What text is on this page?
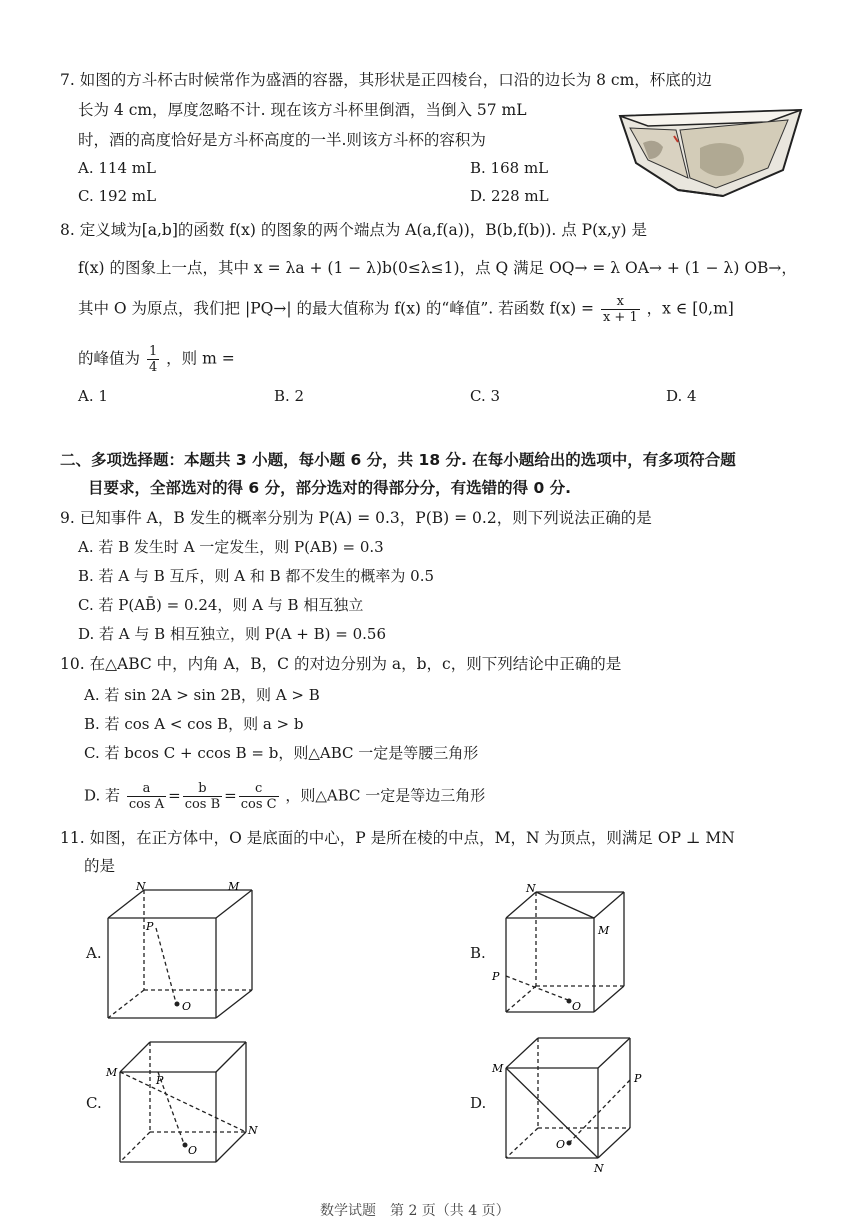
7. 如图的方斗杯古时候常作为盛酒的容器，其形状是正四棱台，口沿的边长为 8 cm，杯底的边
长为 4 cm，厚度忽略不计. 现在该方斗杯里倒酒，当倒入 57 mL
时，酒的高度恰好是方斗杯高度的一半.则该方斗杯的容积为
A. 114 mL	B. 168 mL
C. 192 mL	D. 228 mL
8. 定义域为[a,b]的函数 f(x) 的图象的两个端点为 A(a,f(a))，B(b,f(b)). 点 P(x,y) 是
f(x) 的图象上一点，其中 x = λa + (1 − λ)b(0≤λ≤1)，点 Q 满足 OQ→ = λ OA→ + (1 − λ) OB→，
其中 O 为原点，我们把 |PQ→| 的最大值称为 f(x) 的“峰值”. 若函数 $f(x) = \frac{x}{x + 1}$ ，x ∈ [0,m]
的峰值为 $\frac{1}{4}$ ，则 m =
A. 1	B. 2	C. 3	D. 4
二、多项选择题：本题共 3 小题，每小题 6 分，共 18 分. 在每小题给出的选项中，有多项符合题
目要求，全部选对的得 6 分，部分选对的得部分分，有选错的得 0 分.
9. 已知事件 A，B 发生的概率分别为 P(A) = 0.3，P(B) = 0.2，则下列说法正确的是
A. 若 B 发生时 A 一定发生，则 P(AB) = 0.3
B. 若 A 与 B 互斥，则 A 和 B 都不发生的概率为 0.5
C. 若 P(AB̄) = 0.24，则 A 与 B 相互独立
D. 若 A 与 B 相互独立，则 P(A + B) = 0.56
10. 在△ABC 中，内角 A，B，C 的对边分别为 a，b，c，则下列结论中正确的是
A. 若 sin 2A > sin 2B，则 A > B
B. 若 cos A < cos B，则 a > b
C. 若 bcos C + ccos B = b，则△ABC 一定是等腰三角形
D. 若 $\frac{a}{\text{cos A}} = \frac{b}{\text{cos B}} = \frac{c}{\text{cos C}}$ ，则△ABC 一定是等边三角形
11. 如图，在正方体中，O 是底面的中心，P 是所在棱的中点，M，N 为顶点，则满足 OP ⊥ MN
的是
A.
N	M
P
O
B.
N
M
P
O
C.
M
P
O
N
D.
M
P
O
N
数学试题　第 2 页（共 4 页）
